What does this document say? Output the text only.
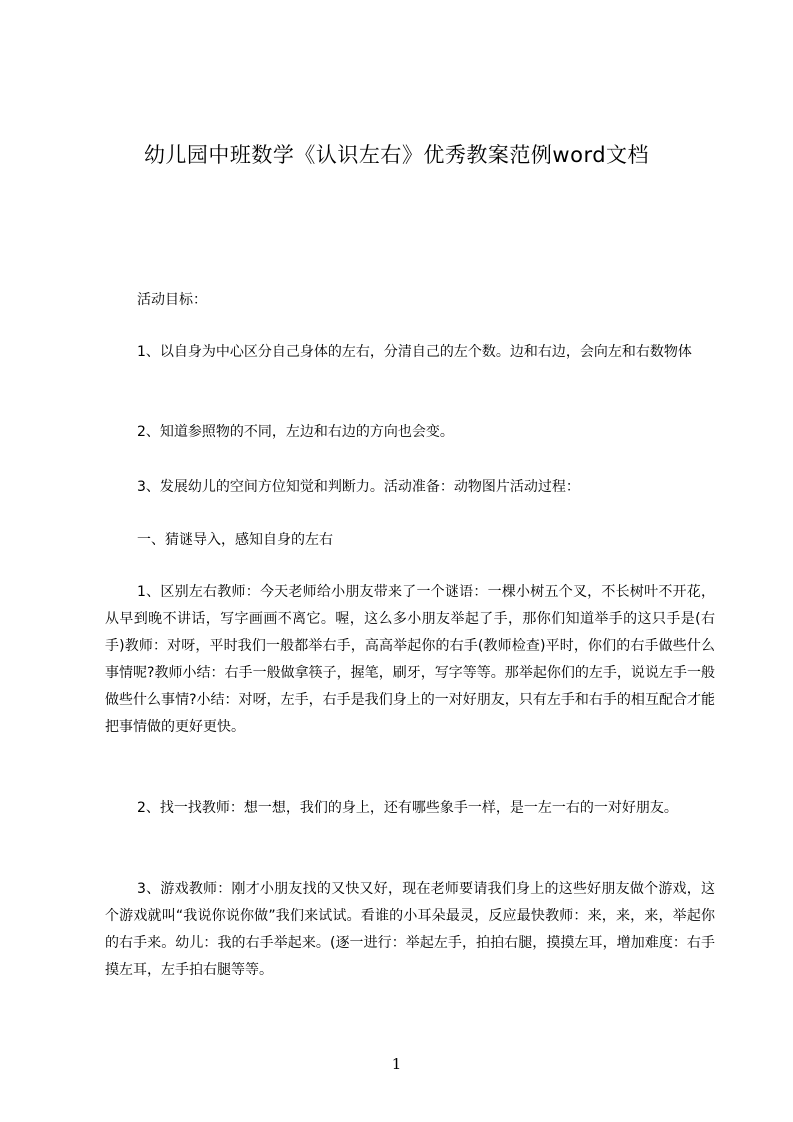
幼儿园中班数学《认识左右》优秀教案范例word文档

活动目标：

1、以自身为中心区分自己身体的左右，分清自己的左个数。边和右边，会向左和右数物体

2、知道参照物的不同，左边和右边的方向也会变。

3、发展幼儿的空间方位知觉和判断力。活动准备：动物图片活动过程：

一、猜谜导入，感知自身的左右

1、区别左右教师：今天老师给小朋友带来了一个谜语：一棵小树五个叉，不长树叶不开花，从早到晚不讲话，写字画画不离它。喔，这么多小朋友举起了手，那你们知道举手的这只手是(右手)教师：对呀，平时我们一般都举右手，高高举起你的右手(教师检查)平时，你们的右手做些什么事情呢?教师小结：右手一般做拿筷子，握笔，刷牙，写字等等。那举起你们的左手，说说左手一般做些什么事情?小结：对呀，左手，右手是我们身上的一对好朋友，只有左手和右手的相互配合才能把事情做的更好更快。

2、找一找教师：想一想，我们的身上，还有哪些象手一样，是一左一右的一对好朋友。

3、游戏教师：刚才小朋友找的又快又好，现在老师要请我们身上的这些好朋友做个游戏，这个游戏就叫“我说你说你做”我们来试试。看谁的小耳朵最灵，反应最快教师：来，来，来，举起你的右手来。幼儿：我的右手举起来。(逐一进行：举起左手，拍拍右腿，摸摸左耳，增加难度：右手摸左耳，左手拍右腿等等。

1
